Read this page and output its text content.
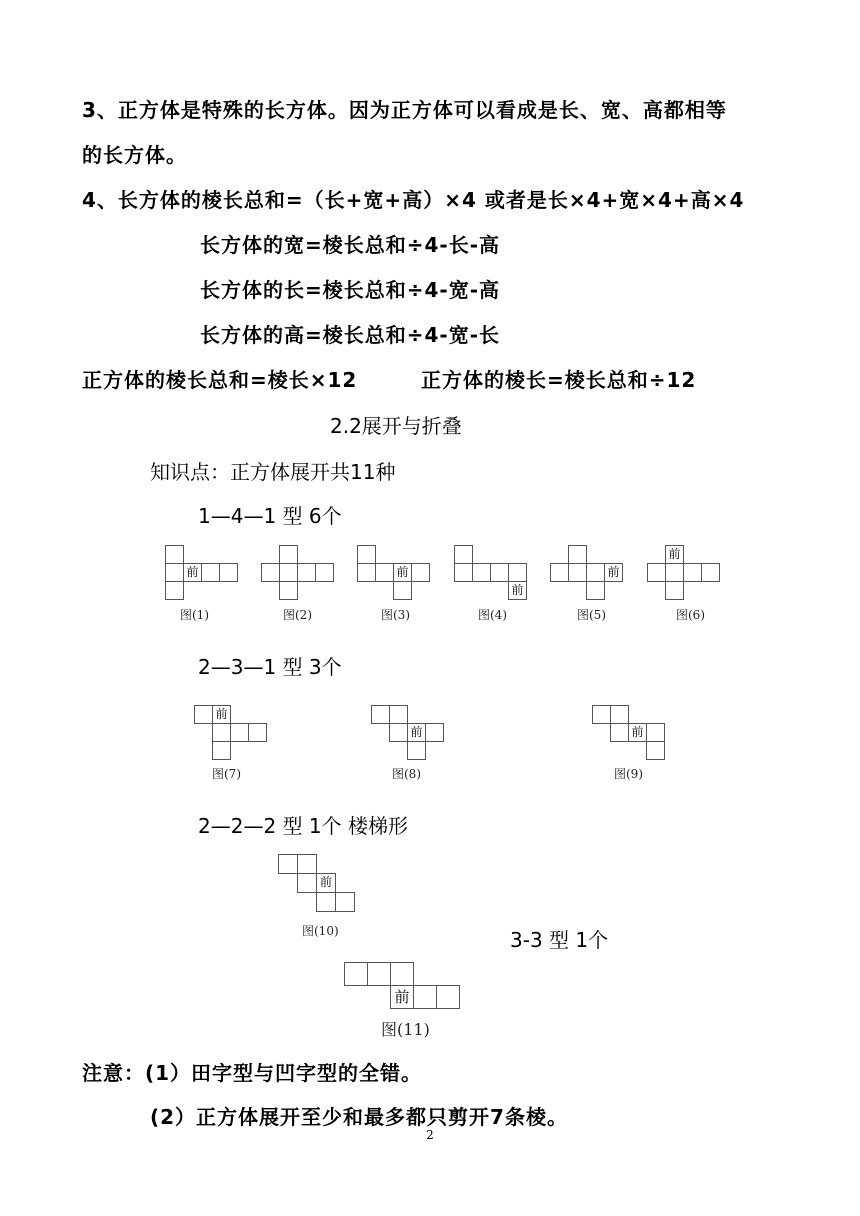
3、正方体是特殊的长方体。因为正方体可以看成是长、宽、高都相等
的长方体。
4、长方体的棱长总和=（长+宽+高）×4 或者是长×4+宽×4+高×4
长方体的宽=棱长总和÷4-长-高
长方体的长=棱长总和÷4-宽-高
长方体的高=棱长总和÷4-宽-长
正方体的棱长总和=棱长×12	正方体的棱长=棱长总和÷12
2.2展开与折叠
知识点：正方体展开共11种
1—4—1 型 6个
2—3—1 型 3个
2—2—2 型 1个 楼梯形
3-3 型 1个
前
图(1)	图(2)
前
图(3)
前
图(4)
前
图(5)
前
图(6)
前
图(7)
前
图(8)
前
图(9)
前
图(10)
前
图(11)
注意：(1）田字型与凹字型的全错。
(2）正方体展开至少和最多都只剪开7条棱。
2
